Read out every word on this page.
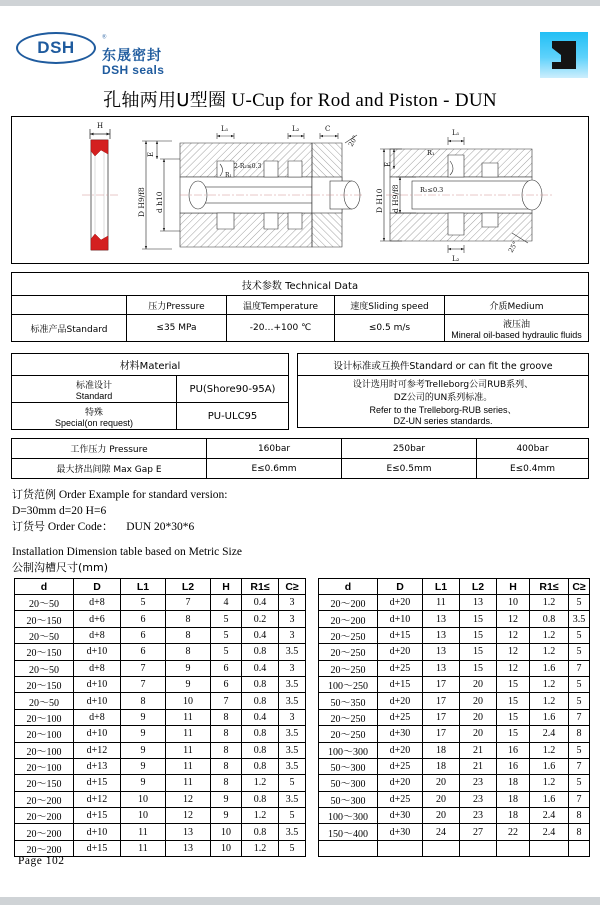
DSH
®
东晟密封
DSH seals
孔轴两用U型圈 U-Cup for Rod and Piston - DUN
H
D H9/f8 d h10
E
2-R₂≤0.3
R₁
L₁	L₂	C
20°
R₁
R₂≤0.3
L₁
L₂
25°
D H10 d H9/f8
E
技术参数 Technical Data				
	压力Pressure	温度Temperature	速度Sliding speed	介质Medium
标准产品Standard	≤35 MPa	-20…+100 ℃	≤0.5 m/s	液压油
Mineral oil-based hydraulic fluids
材料Material	

标准设计
Standard	PU(Shore90-95A)

特殊
Special(on request)	PU-ULC95
设计标准或互换件Standard or can fit the groove

设计选用时可参考Trelleborg公司RUB系列、
DZ公司的UN系列标准。
Refer to the Trelleborg-RUB series、
DZ-UN series standards.
工作压力 Pressure	160bar	250bar	400bar
最大挤出间隙 Max Gap E	E≤0.6mm	E≤0.5mm	E≤0.4mm
订货范例 Order Example for standard version:
D=30mm d=20 H=6
订货号 Order Code： DUN 20*30*6
Installation Dimension table based on Metric Size
公制沟槽尺寸(mm)
d	D	L1	L2	H	R1≤	C≥
20～50	d+8	5	7	4	0.4	3
20～150	d+6	6	8	5	0.2	3
20～50	d+8	6	8	5	0.4	3
20～150	d+10	6	8	5	0.8	3.5
20～50	d+8	7	9	6	0.4	3
20～150	d+10	7	9	6	0.8	3.5
20～50	d+10	8	10	7	0.8	3.5
20～100	d+8	9	11	8	0.4	3
20～100	d+10	9	11	8	0.8	3.5
20～100	d+12	9	11	8	0.8	3.5
20～100	d+13	9	11	8	0.8	3.5
20～150	d+15	9	11	8	1.2	5
20～200	d+12	10	12	9	0.8	3.5
20～200	d+15	10	12	9	1.2	5
20～200	d+10	11	13	10	0.8	3.5
20～200	d+15	11	13	10	1.2	5
d	D	L1	L2	H	R1≤	C≥
20～200	d+20	11	13	10	1.2	5
20～200	d+10	13	15	12	0.8	3.5
20～250	d+15	13	15	12	1.2	5
20～250	d+20	13	15	12	1.2	5
20～250	d+25	13	15	12	1.6	7
100～250	d+15	17	20	15	1.2	5
50～350	d+20	17	20	15	1.2	5
20～250	d+25	17	20	15	1.6	7
20～250	d+30	17	20	15	2.4	8
100～300	d+20	18	21	16	1.2	5
50～300	d+25	18	21	16	1.6	7
50～300	d+20	20	23	18	1.2	5
50～300	d+25	20	23	18	1.6	7
100～300	d+30	20	23	18	2.4	8
150～400	d+30	24	27	22	2.4	8

Page 102
